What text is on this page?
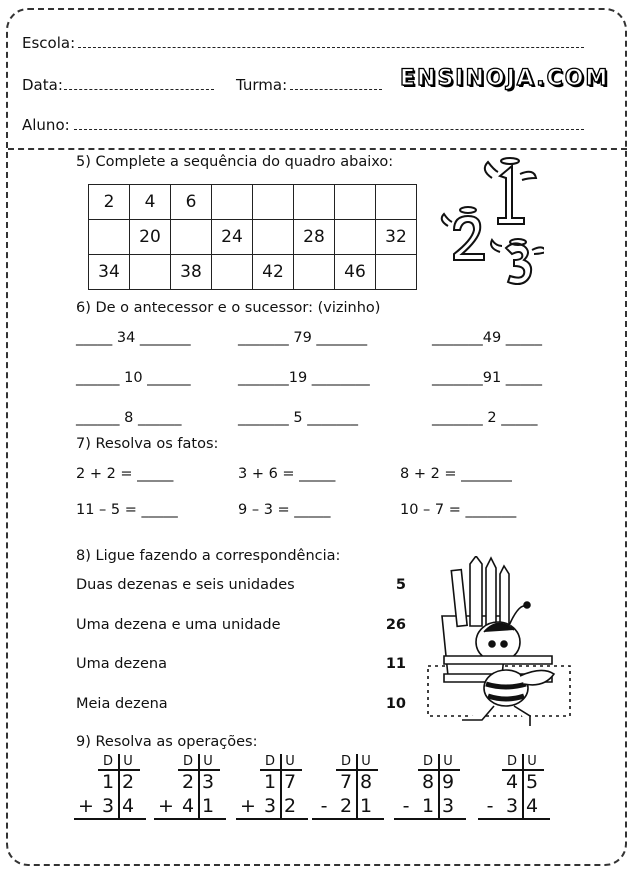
Escola:
Data:	Turma:	ENSINOJA.COM
Aluno:
5) Complete a sequência do quadro abaixo:
2	4	6					
	20		24		28		32
34		38		42		46	
6) De o antecessor e o sucessor: (vizinho)
_____ 34 _______	_______ 79 _______	_______49 _____
______ 10 ______	_______19 ________	_______91 _____
______ 8 ______	_______ 5 _______	_______ 2 _____
7) Resolva os fatos:
2 + 2 = _____	3 + 6 = _____	8 + 2 = _______
11 – 5 = _____	9 – 3 = _____	10 – 7 = _______
8) Ligue fazendo a correspondência:
Duas dezenas e seis unidades
Uma dezena e uma unidade
Uma dezena
Meia dezena
5
26
11
10
9) Resolva as operações:
D U
1 2
+ 3 4
D U
2 3
+ 4 1
D U
1 7
+ 3 2
D U
7 8
- 2 1
D U
8 9
- 1 3
D U
4 5
- 3 4
